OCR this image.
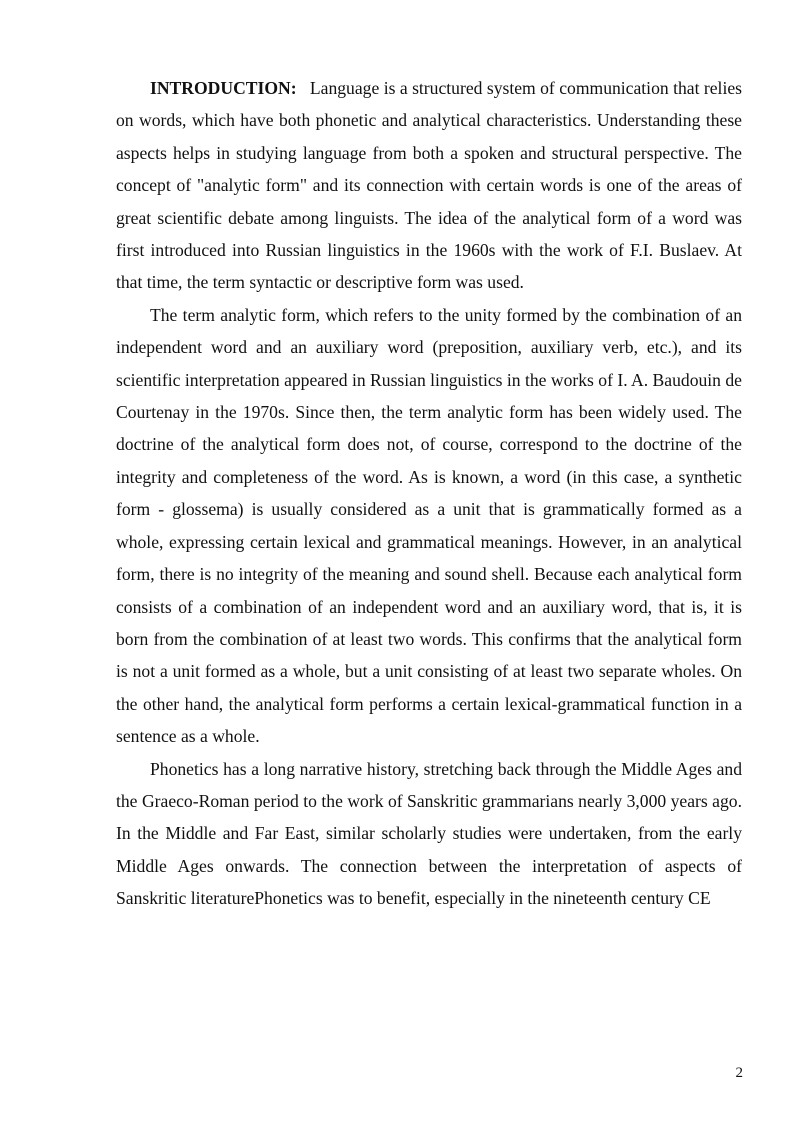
INTRODUCTION: Language is a structured system of communication that relies on words, which have both phonetic and analytical characteristics. Understanding these aspects helps in studying language from both a spoken and structural perspective. The concept of "analytic form" and its connection with certain words is one of the areas of great scientific debate among linguists. The idea of the analytical form of a word was first introduced into Russian linguistics in the 1960s with the work of F.I. Buslaev. At that time, the term syntactic or descriptive form was used.

The term analytic form, which refers to the unity formed by the combination of an independent word and an auxiliary word (preposition, auxiliary verb, etc.), and its scientific interpretation appeared in Russian linguistics in the works of I. A. Baudouin de Courtenay in the 1970s. Since then, the term analytic form has been widely used. The doctrine of the analytical form does not, of course, correspond to the doctrine of the integrity and completeness of the word. As is known, a word (in this case, a synthetic form - glossema) is usually considered as a unit that is grammatically formed as a whole, expressing certain lexical and grammatical meanings. However, in an analytical form, there is no integrity of the meaning and sound shell. Because each analytical form consists of a combination of an independent word and an auxiliary word, that is, it is born from the combination of at least two words. This confirms that the analytical form is not a unit formed as a whole, but a unit consisting of at least two separate wholes. On the other hand, the analytical form performs a certain lexical-grammatical function in a sentence as a whole.

Phonetics has a long narrative history, stretching back through the Middle Ages and the Graeco-Roman period to the work of Sanskritic grammarians nearly 3,000 years ago. In the Middle and Far East, similar scholarly studies were undertaken, from the early Middle Ages onwards. The connection between the interpretation of aspects of Sanskritic literaturePhonetics was to benefit, especially in the nineteenth century CE

2
